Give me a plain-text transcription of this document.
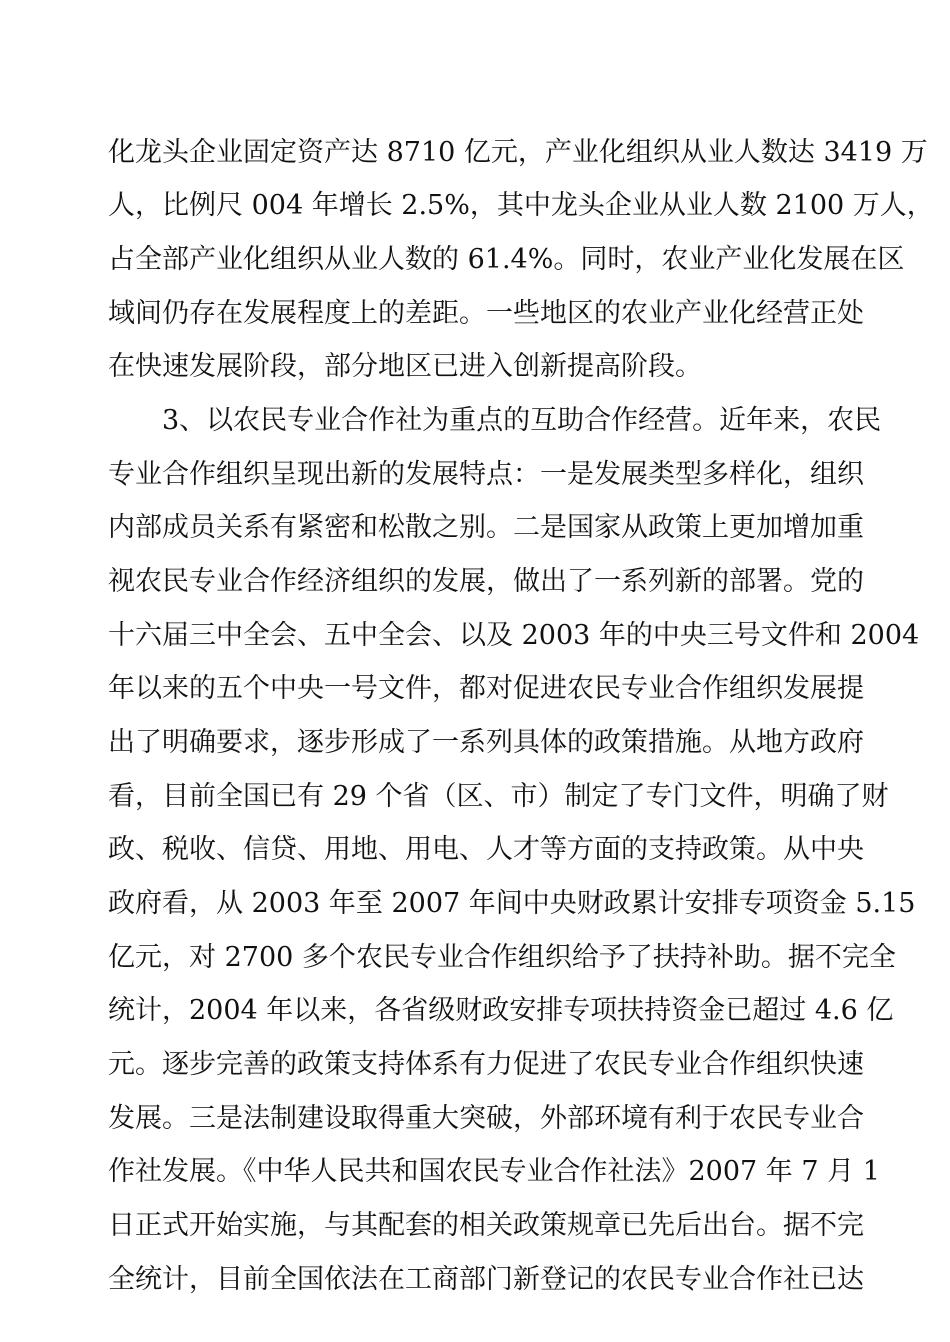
化龙头企业固定资产达 8710 亿元，产业化组织从业人数达 3419 万
人，比例尺 004 年增长 2.5%，其中龙头企业从业人数 2100 万人，
占全部产业化组织从业人数的 61.4%。同时，农业产业化发展在区
域间仍存在发展程度上的差距。一些地区的农业产业化经营正处
在快速发展阶段，部分地区已进入创新提高阶段。
3、以农民专业合作社为重点的互助合作经营。近年来，农民
专业合作组织呈现出新的发展特点：一是发展类型多样化，组织
内部成员关系有紧密和松散之别。二是国家从政策上更加增加重
视农民专业合作经济组织的发展，做出了一系列新的部署。党的
十六届三中全会、五中全会、以及 2003 年的中央三号文件和 2004
年以来的五个中央一号文件，都对促进农民专业合作组织发展提
出了明确要求，逐步形成了一系列具体的政策措施。从地方政府
看，目前全国已有 29 个省（区、市）制定了专门文件，明确了财
政、税收、信贷、用地、用电、人才等方面的支持政策。从中央
政府看，从 2003 年至 2007 年间中央财政累计安排专项资金 5.15
亿元，对 2700 多个农民专业合作组织给予了扶持补助。据不完全
统计，2004 年以来，各省级财政安排专项扶持资金已超过 4.6 亿
元。逐步完善的政策支持体系有力促进了农民专业合作组织快速
发展。三是法制建设取得重大突破，外部环境有利于农民专业合
作社发展。《中华人民共和国农民专业合作社法》2007 年 7 月 1
日正式开始实施，与其配套的相关政策规章已先后出台。据不完
全统计，目前全国依法在工商部门新登记的农民专业合作社已达
